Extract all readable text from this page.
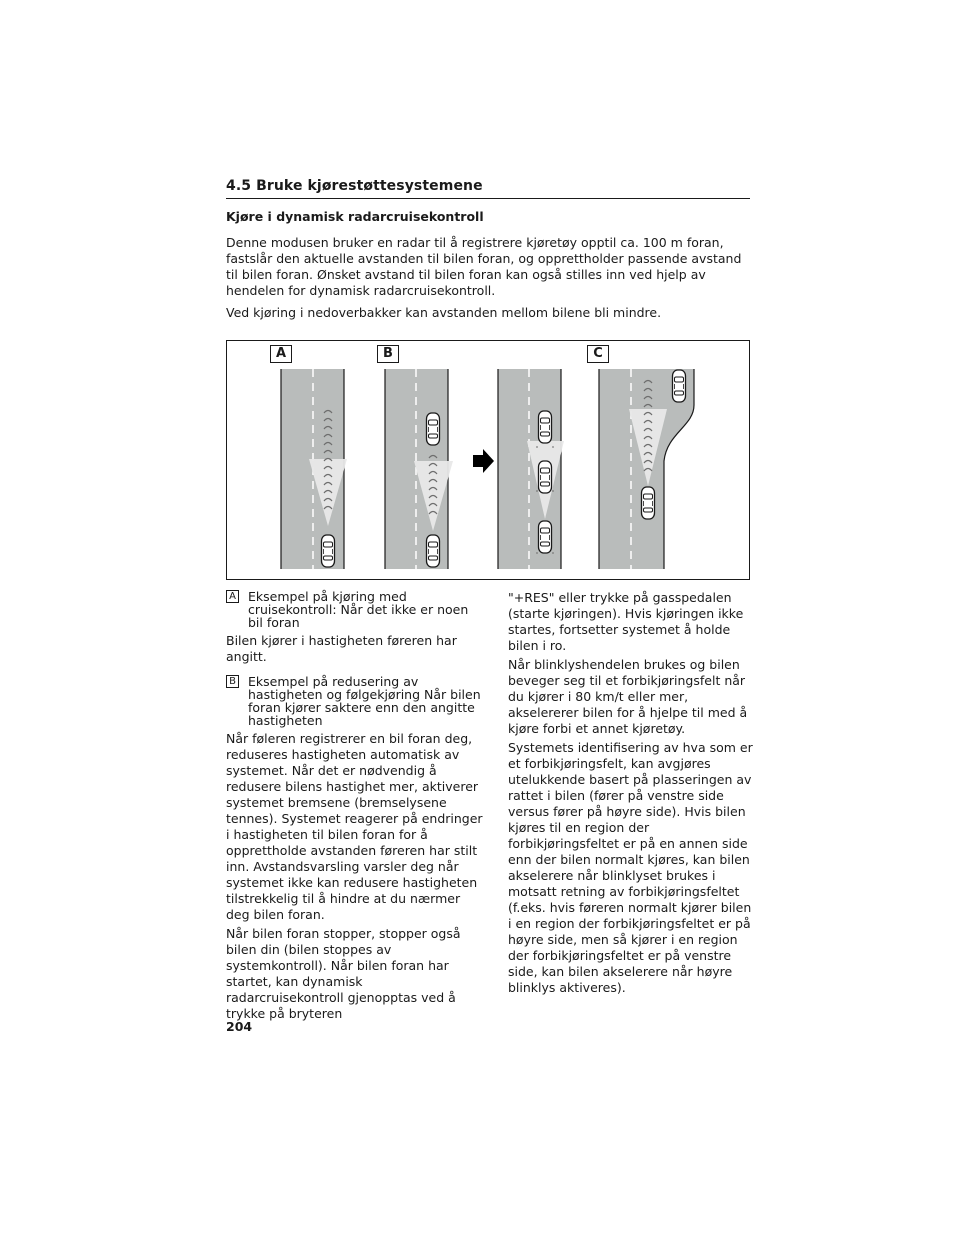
4.5 Bruke kjørestøttesystemene
Kjøre i dynamisk radarcruisekontroll
Denne modusen bruker en radar til å registrere kjøretøy opptil ca. 100 m foran, fastslår den aktuelle avstanden til bilen foran, og opprettholder passende avstand til bilen foran. Ønsket avstand til bilen foran kan også stilles inn ved hjelp av hendelen for dynamisk radarcruisekontroll.
Ved kjøring i nedoverbakker kan avstanden mellom bilene bli mindre.
A	B	C
A Eksempel på kjøring med cruisekontroll: Når det ikke er noen bil foran

Bilen kjører i hastigheten føreren har angitt.

B Eksempel på redusering av hastigheten og følgekjøring Når bilen foran kjører saktere enn den angitte hastigheten

Når føleren registrerer en bil foran deg, reduseres hastigheten automatisk av systemet. Når det er nødvendig å redusere bilens hastighet mer, aktiverer systemet bremsene (bremselysene tennes). Systemet reagerer på endringer i hastigheten til bilen foran for å opprettholde avstanden føreren har stilt inn. Avstandsvarsling varsler deg når systemet ikke kan redusere hastigheten tilstrekkelig til å hindre at du nærmer deg bilen foran.

Når bilen foran stopper, stopper også bilen din (bilen stoppes av systemkontroll). Når bilen foran har startet, kan dynamisk radarcruisekontroll gjenopptas ved å trykke på bryteren

"+RES" eller trykke på gasspedalen (starte kjøringen). Hvis kjøringen ikke startes, fortsetter systemet å holde bilen i ro.

Når blinklyshendelen brukes og bilen beveger seg til et forbikjøringsfelt når du kjører i 80 km/t eller mer, akselererer bilen for å hjelpe til med å kjøre forbi et annet kjøretøy.

Systemets identifisering av hva som er et forbikjøringsfelt, kan avgjøres utelukkende basert på plasseringen av rattet i bilen (fører på venstre side versus fører på høyre side). Hvis bilen kjøres til en region der forbikjøringsfeltet er på en annen side enn der bilen normalt kjøres, kan bilen akselerere når blinklyset brukes i motsatt retning av forbikjøringsfeltet (f.eks. hvis føreren normalt kjører bilen i en region der forbikjøringsfeltet er på høyre side, men så kjører i en region der forbikjøringsfeltet er på venstre side, kan bilen akselerere når høyre blinklys aktiveres).

204
